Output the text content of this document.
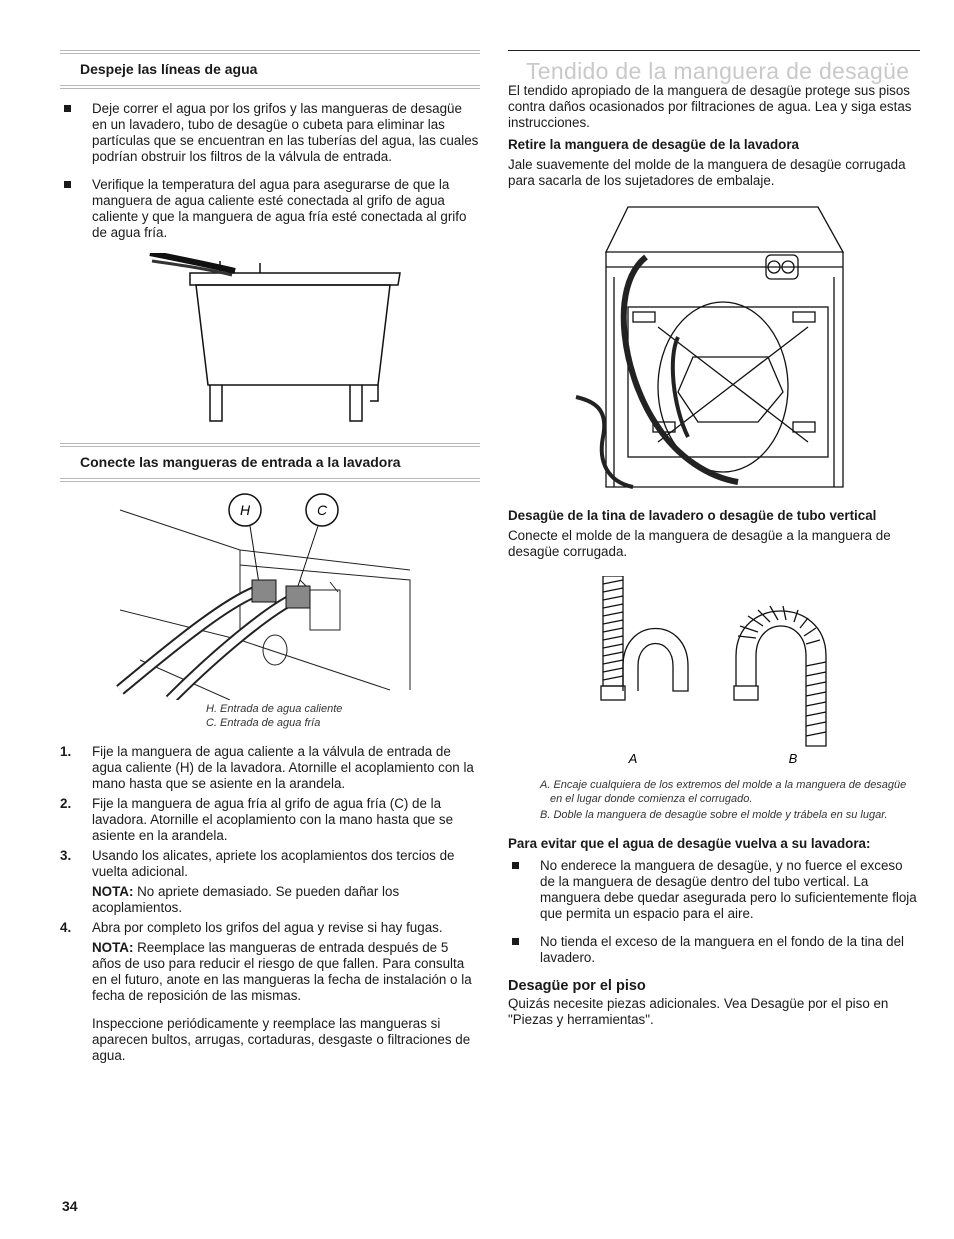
Despeje las líneas de agua
Deje correr el agua por los grifos y las mangueras de desagüe en un lavadero, tubo de desagüe o cubeta para eliminar las partículas que se encuentran en las tuberías del agua, las cuales podrían obstruir los filtros de la válvula de entrada.
Verifique la temperatura del agua para asegurarse de que la manguera de agua caliente esté conectada al grifo de agua caliente y que la manguera de agua fría esté conectada al grifo de agua fría.
Conecte las mangueras de entrada a la lavadora
H	C
H. Entrada de agua caliente
C. Entrada de agua fría
1. Fije la manguera de agua caliente a la válvula de entrada de agua caliente (H) de la lavadora. Atornille el acoplamiento con la mano hasta que se asiente en la arandela.
2. Fije la manguera de agua fría al grifo de agua fría (C) de la lavadora. Atornille el acoplamiento con la mano hasta que se asiente en la arandela.
3. Usando los alicates, apriete los acoplamientos dos tercios de vuelta adicional.

NOTA: No apriete demasiado. Se pueden dañar los acoplamientos.

4. Abra por completo los grifos del agua y revise si hay fugas.

NOTA: Reemplace las mangueras de entrada después de 5 años de uso para reducir el riesgo de que fallen. Para consulta en el futuro, anote en las mangueras la fecha de instalación o la fecha de reposición de las mismas.

Inspeccione periódicamente y reemplace las mangueras si aparecen bultos, arrugas, cortaduras, desgaste o filtraciones de agua.

Tendido de la manguera de desagüe

El tendido apropiado de la manguera de desagüe protege sus pisos contra daños ocasionados por filtraciones de agua. Lea y siga estas instrucciones.

Retire la manguera de desagüe de la lavadora

Jale suavemente del molde de la manguera de desagüe corrugada para sacarla de los sujetadores de embalaje.

Desagüe de la tina de lavadero o desagüe de tubo vertical

Conecte el molde de la manguera de desagüe a la manguera de desagüe corrugada.

A	B
A. Encaje cualquiera de los extremos del molde a la manguera de desagüe en el lugar donde comienza el corrugado.
B. Doble la manguera de desagüe sobre el molde y trábela en su lugar.
Para evitar que el agua de desagüe vuelva a su lavadora:
No enderece la manguera de desagüe, y no fuerce el exceso de la manguera de desagüe dentro del tubo vertical. La manguera debe quedar asegurada pero lo suficientemente floja que permita un espacio para el aire.
No tienda el exceso de la manguera en el fondo de la tina del lavadero.
Desagüe por el piso

Quizás necesite piezas adicionales. Vea Desagüe por el piso en "Piezas y herramientas".

34
